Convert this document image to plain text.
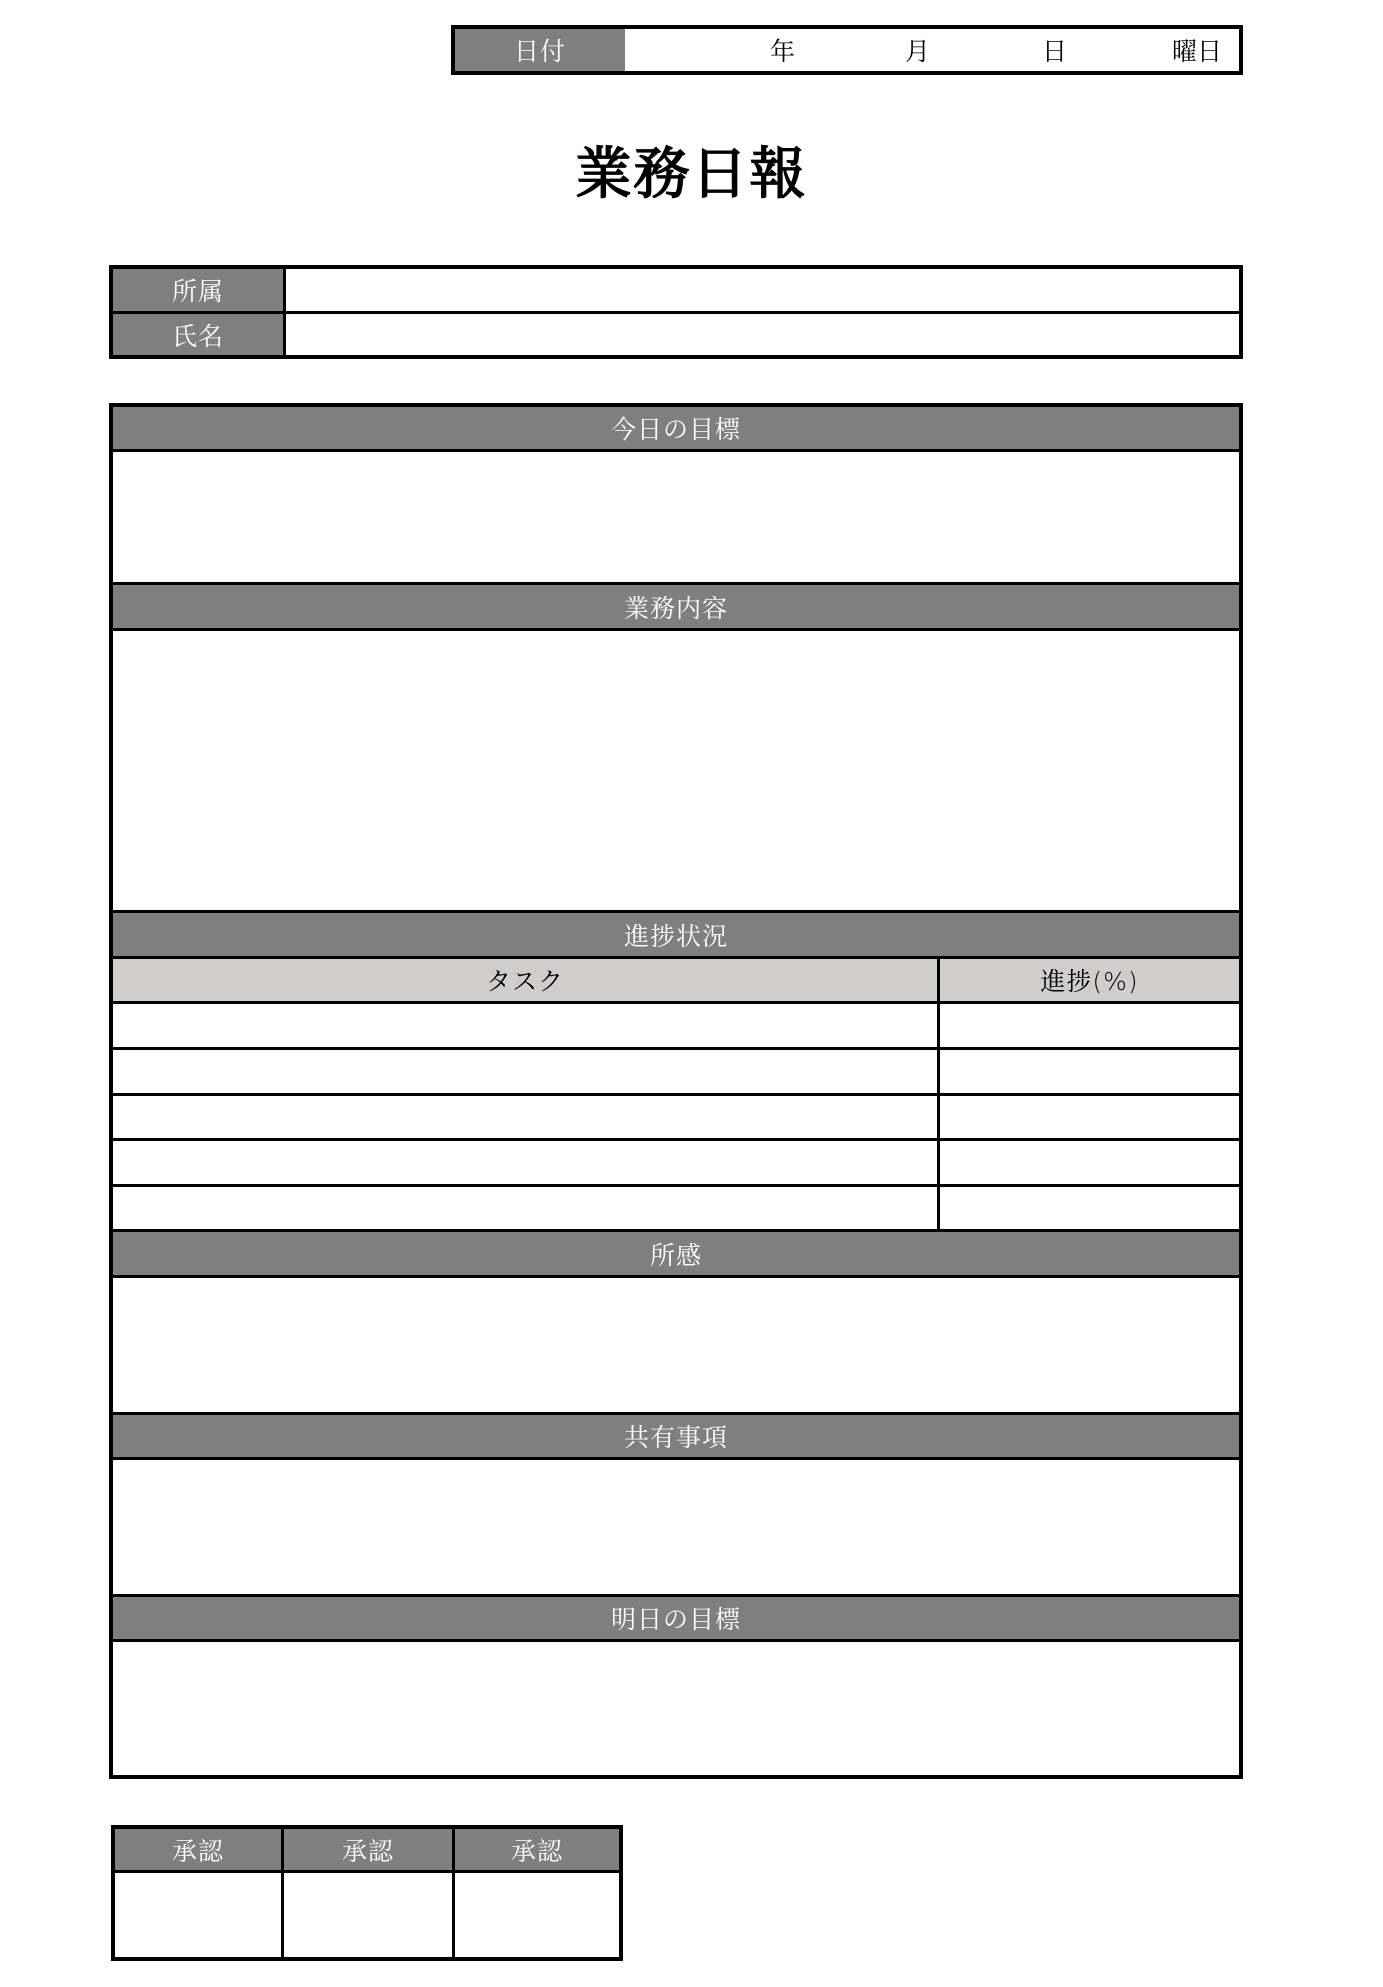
日付	年	月	日	曜日
業務日報
所属
氏名
今日の目標
業務内容
進捗状況
タスク	進捗(%)
所感
共有事項
明日の目標
承認	承認	承認
